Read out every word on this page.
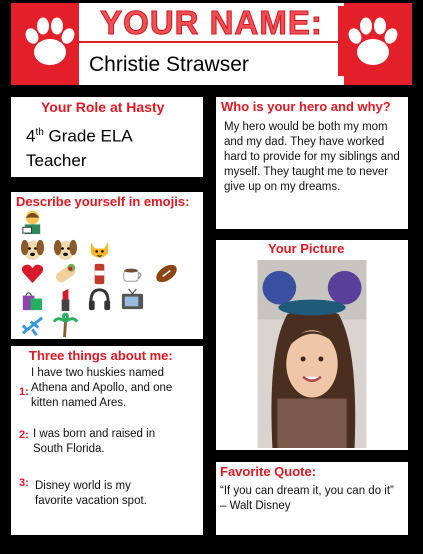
YOUR NAME:
Christie Strawser
Your Role at Hasty
4th Grade ELA
Teacher
Who is your hero and why?
My hero would be both my mom and my dad. They have worked hard to provide for my siblings and myself. They taught me to never give up on my dreams.
Describe yourself in emojis:

Your Picture
Three things about me:
1:
I have two huskies named Athena and Apollo, and one kitten named Ares.
2: I was born and raised in South Florida.
3: Disney world is my favorite vacation spot.
Favorite Quote:
“If you can dream it, you can do it” – Walt Disney
